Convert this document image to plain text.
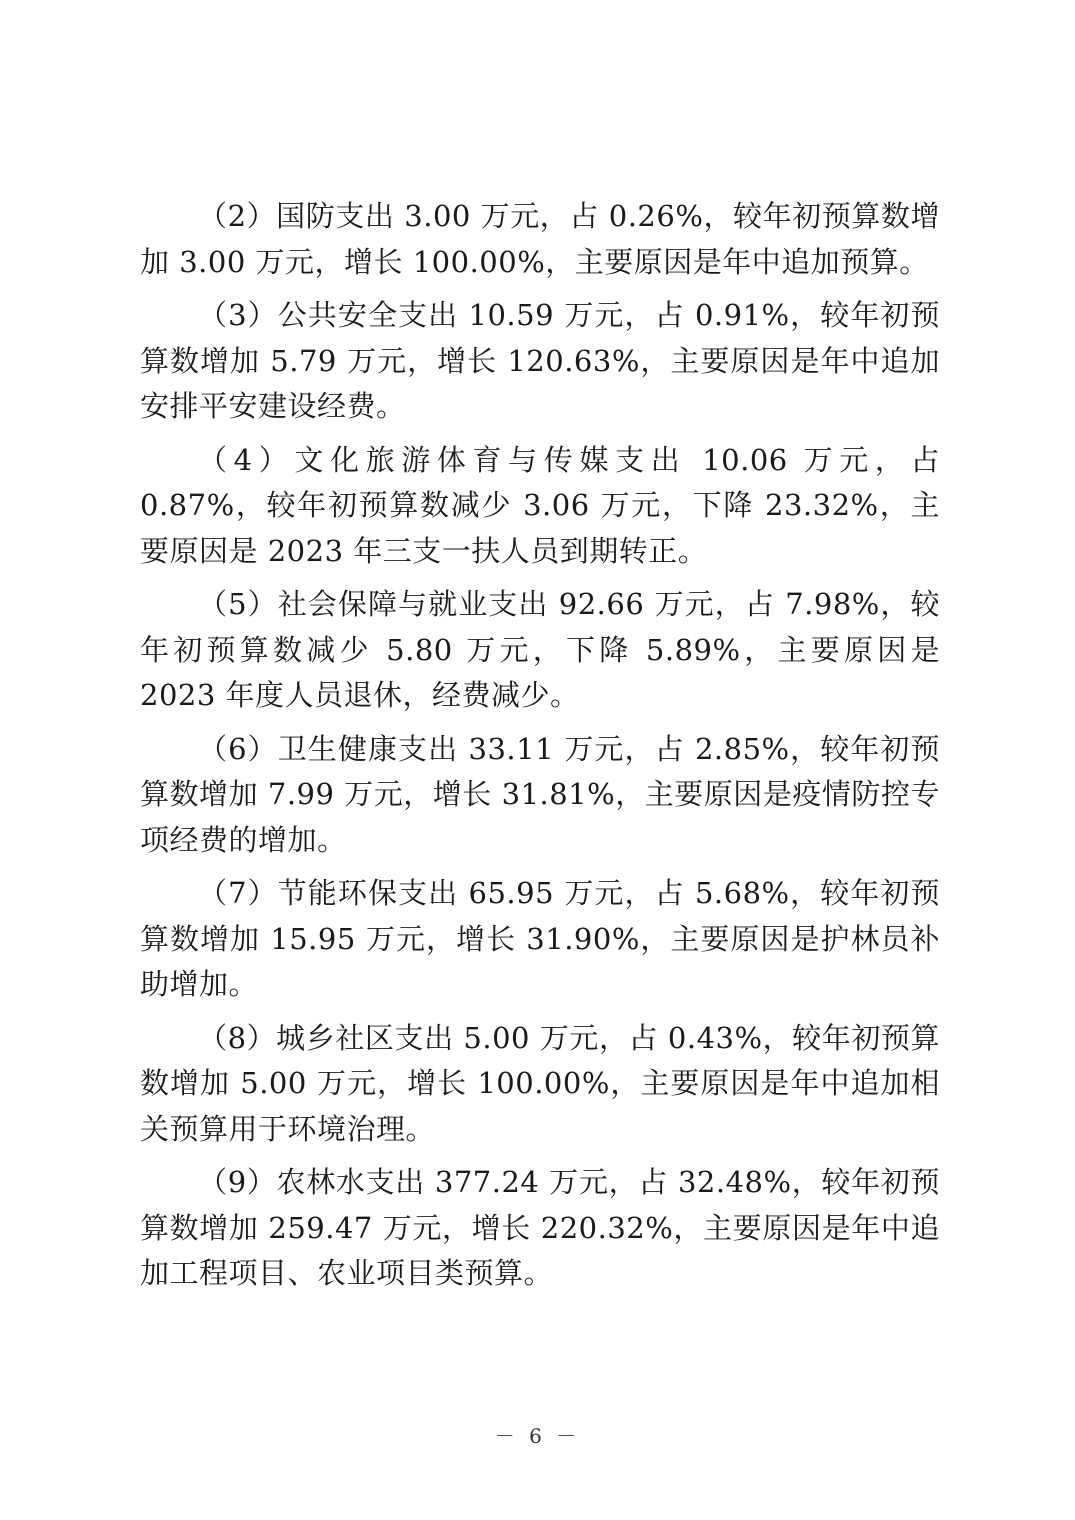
（2）国防支出 3.00 万元，占 0.26%，较年初预算数增加 3.00 万元，增长 100.00%，主要原因是年中追加预算。

（3）公共安全支出 10.59 万元，占 0.91%，较年初预算数增加 5.79 万元，增长 120.63%，主要原因是年中追加安排平安建设经费。

（4）文化旅游体育与传媒支出 10.06 万元，占 0.87%，较年初预算数减少 3.06 万元，下降 23.32%，主要原因是 2023 年三支一扶人员到期转正。

（5）社会保障与就业支出 92.66 万元，占 7.98%，较年初预算数减少 5.80 万元，下降 5.89%，主要原因是 2023 年度人员退休，经费减少。

（6）卫生健康支出 33.11 万元，占 2.85%，较年初预算数增加 7.99 万元，增长 31.81%，主要原因是疫情防控专项经费的增加。

（7）节能环保支出 65.95 万元，占 5.68%，较年初预算数增加 15.95 万元，增长 31.90%，主要原因是护林员补助增加。

（8）城乡社区支出 5.00 万元，占 0.43%，较年初预算数增加 5.00 万元，增长 100.00%，主要原因是年中追加相关预算用于环境治理。

（9）农林水支出 377.24 万元，占 32.48%，较年初预算数增加 259.47 万元，增长 220.32%，主要原因是年中追加工程项目、农业项目类预算。

－ 6 －
